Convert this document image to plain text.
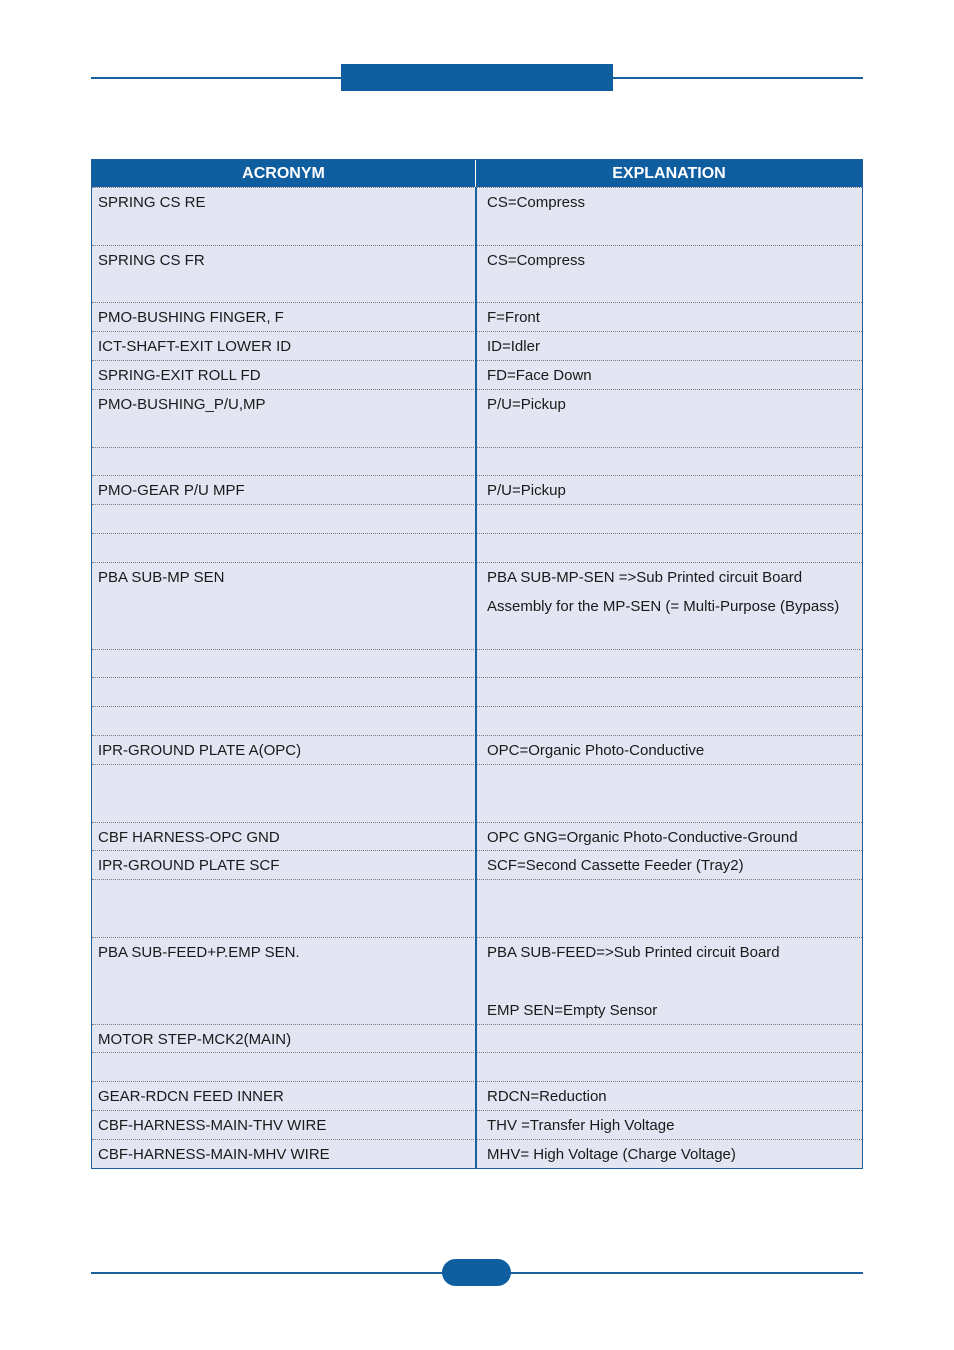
ACRONYM	EXPLANATION
SPRING CS RE	CS=Compress
SPRING CS FR	CS=Compress
PMO-BUSHING FINGER, F	F=Front
ICT-SHAFT-EXIT LOWER ID	ID=Idler
SPRING-EXIT ROLL FD	FD=Face Down
PMO-BUSHING_P/U,MP	P/U=Pickup
PMO-GEAR P/U MPF	P/U=Pickup
PBA SUB-MP SEN	PBA SUB-MP-SEN =>Sub Printed circuit Board
Assembly for the MP-SEN (= Multi-Purpose (Bypass)
IPR-GROUND PLATE A(OPC)	OPC=Organic Photo-Conductive
CBF HARNESS-OPC GND	OPC GNG=Organic Photo-Conductive-Ground
IPR-GROUND PLATE SCF	SCF=Second Cassette Feeder (Tray2)
PBA SUB-FEED+P.EMP SEN.	PBA SUB-FEED=>Sub Printed circuit Board
EMP SEN=Empty Sensor
MOTOR STEP-MCK2(MAIN)
GEAR-RDCN FEED INNER	RDCN=Reduction
CBF-HARNESS-MAIN-THV WIRE	THV =Transfer High Voltage
CBF-HARNESS-MAIN-MHV WIRE	MHV= High Voltage (Charge Voltage)
